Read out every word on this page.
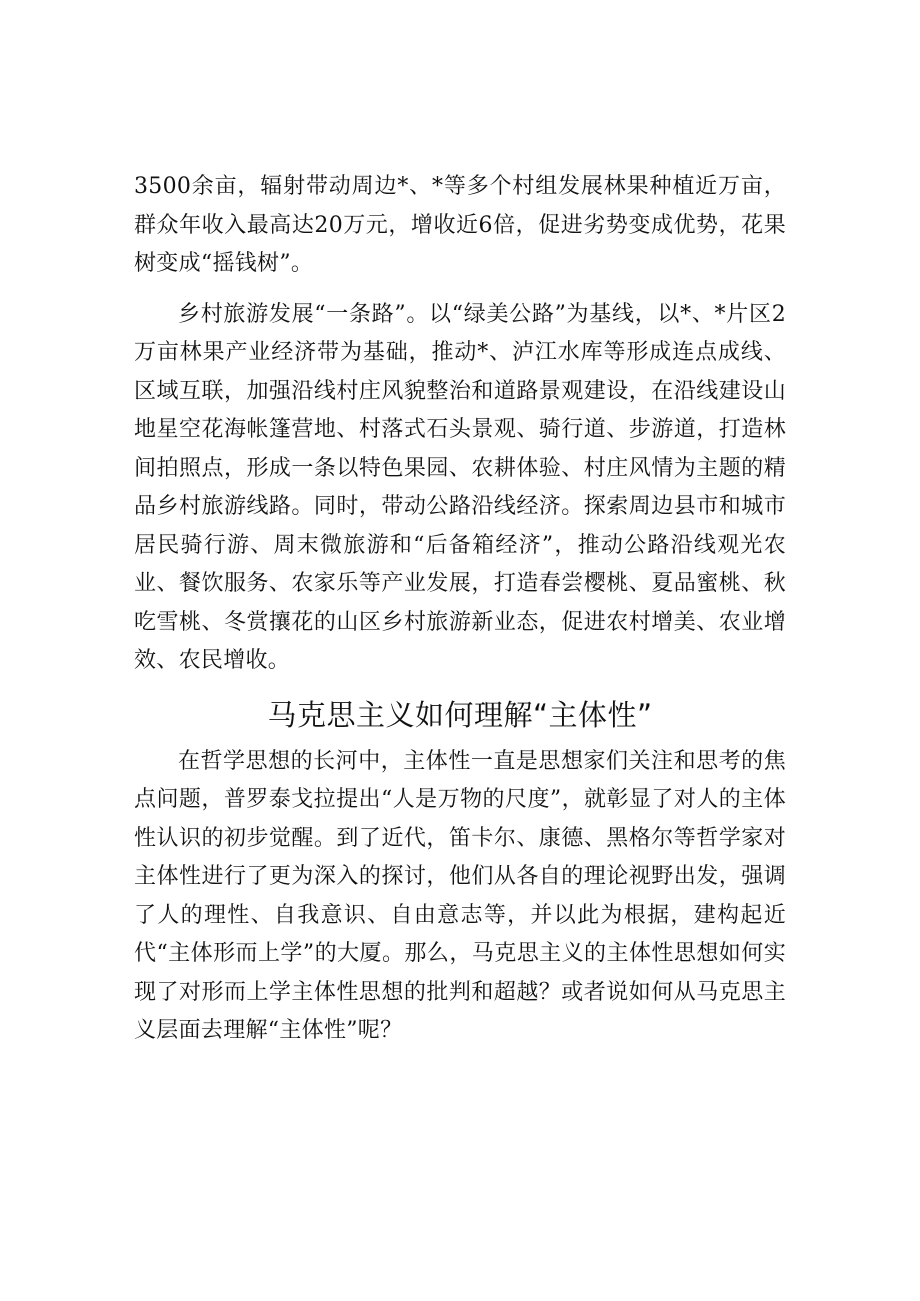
3500余亩，辐射带动周边*、*等多个村组发展林果种植近万亩，群众年收入最高达20万元，增收近6倍，促进劣势变成优势，花果树变成“摇钱树”。

乡村旅游发展“一条路”。以“绿美公路”为基线，以*、*片区2万亩林果产业经济带为基础，推动*、泸江水库等形成连点成线、区域互联，加强沿线村庄风貌整治和道路景观建设，在沿线建设山地星空花海帐篷营地、村落式石头景观、骑行道、步游道，打造林间拍照点，形成一条以特色果园、农耕体验、村庄风情为主题的精品乡村旅游线路。同时，带动公路沿线经济。探索周边县市和城市居民骑行游、周末微旅游和“后备箱经济”，推动公路沿线观光农业、餐饮服务、农家乐等产业发展，打造春尝樱桃、夏品蜜桃、秋吃雪桃、冬赏攘花的山区乡村旅游新业态，促进农村增美、农业增效、农民增收。

马克思主义如何理解“主体性”

在哲学思想的长河中，主体性一直是思想家们关注和思考的焦点问题，普罗泰戈拉提出“人是万物的尺度”，就彰显了对人的主体性认识的初步觉醒。到了近代，笛卡尔、康德、黑格尔等哲学家对主体性进行了更为深入的探讨，他们从各自的理论视野出发，强调了人的理性、自我意识、自由意志等，并以此为根据，建构起近代“主体形而上学”的大厦。那么，马克思主义的主体性思想如何实现了对形而上学主体性思想的批判和超越？或者说如何从马克思主义层面去理解“主体性”呢？
